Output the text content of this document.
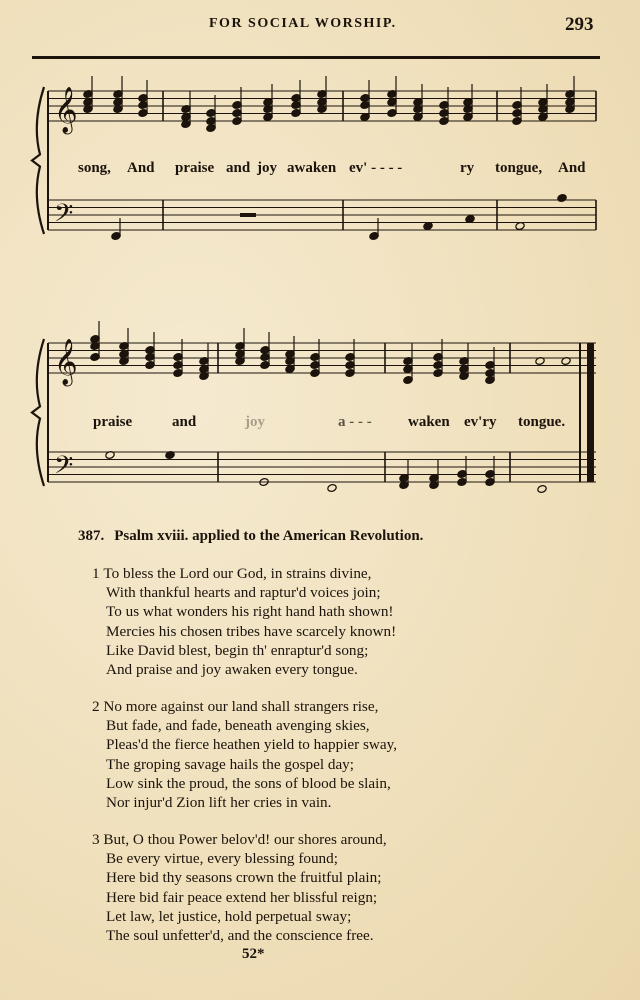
FOR SOCIAL WORSHIP.	293
𝄞
𝄢
𝄞
𝄢
song, And praise and joy awaken ev' - - - -	ry tongue, And
praise	and	joy	a - - - waken ev'ry tongue.
387. Psalm xviii. applied to the American Revolution.
1 To bless the Lord our God, in strains divine,
With thankful hearts and raptur'd voices join;
To us what wonders his right hand hath shown!
Mercies his chosen tribes have scarcely known!
Like David blest, begin th' enraptur'd song;
And praise and joy awaken every tongue.
2 No more against our land shall strangers rise,
But fade, and fade, beneath avenging skies,
Pleas'd the fierce heathen yield to happier sway,
The groping savage hails the gospel day;
Low sink the proud, the sons of blood be slain,
Nor injur'd Zion lift her cries in vain.
3 But, O thou Power belov'd! our shores around,
Be every virtue, every blessing found;
Here bid thy seasons crown the fruitful plain;
Here bid fair peace extend her blissful reign;
Let law, let justice, hold perpetual sway;
The soul unfetter'd, and the conscience free.
52*
